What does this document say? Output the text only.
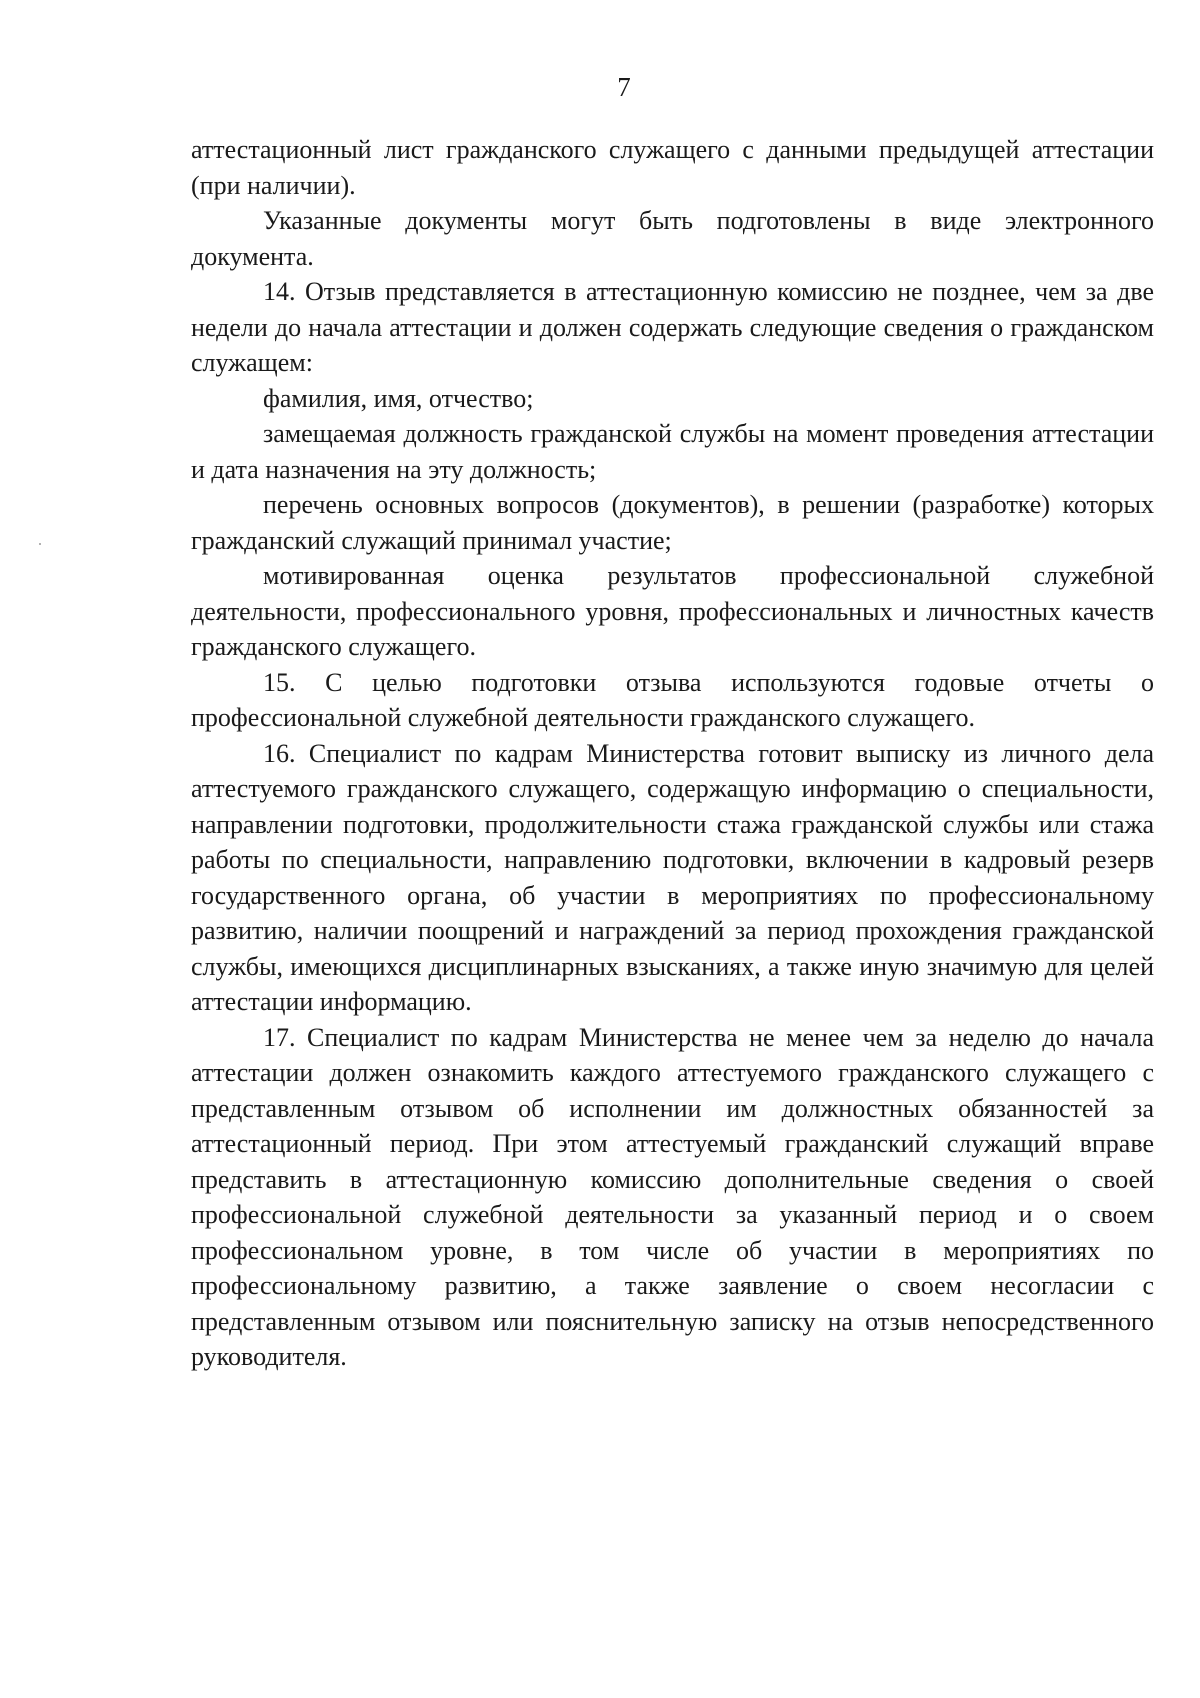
7

аттестационный лист гражданского служащего с данными предыдущей аттестации (при наличии).

Указанные документы могут быть подготовлены в виде электронного документа.

14. Отзыв представляется в аттестационную комиссию не позднее, чем за две недели до начала аттестации и должен содержать следующие сведения о гражданском служащем:

фамилия, имя, отчество;

замещаемая должность гражданской службы на момент проведения аттестации и дата назначения на эту должность;

перечень основных вопросов (документов), в решении (разработке) которых гражданский служащий принимал участие;

мотивированная оценка результатов профессиональной служебной деятельности, профессионального уровня, профессиональных и личностных качеств гражданского служащего.

15. С целью подготовки отзыва используются годовые отчеты о профессиональной служебной деятельности гражданского служащего.

16. Специалист по кадрам Министерства готовит выписку из личного дела аттестуемого гражданского служащего, содержащую информацию о специальности, направлении подготовки, продолжительности стажа гражданской службы или стажа работы по специальности, направлению подготовки, включении в кадровый резерв государственного органа, об участии в мероприятиях по профессиональному развитию, наличии поощрений и награждений за период прохождения гражданской службы, имеющихся дисциплинарных взысканиях, а также иную значимую для целей аттестации информацию.

17. Специалист по кадрам Министерства не менее чем за неделю до начала аттестации должен ознакомить каждого аттестуемого гражданского служащего с представленным отзывом об исполнении им должностных обязанностей за аттестационный период. При этом аттестуемый гражданский служащий вправе представить в аттестационную комиссию дополнительные сведения о своей профессиональной служебной деятельности за указанный период и о своем профессиональном уровне, в том числе об участии в мероприятиях по профессиональному развитию, а также заявление о своем несогласии с представленным отзывом или пояснительную записку на отзыв непосредственного руководителя.
